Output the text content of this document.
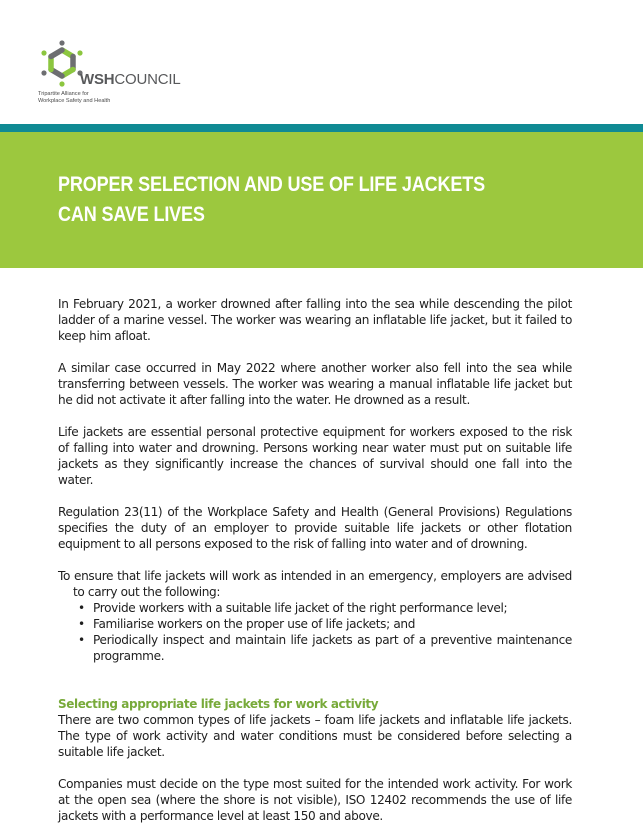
WSHCOUNCIL
Tripartite Alliance for
Workplace Safety and Health
PROPER SELECTION AND USE OF LIFE JACKETS
CAN SAVE LIVES

In February 2021, a worker drowned after falling into the sea while descending the pilot ladder of a marine vessel. The worker was wearing an inflatable life jacket, but it failed to keep him afloat.

A similar case occurred in May 2022 where another worker also fell into the sea while transferring between vessels. The worker was wearing a manual inflatable life jacket but he did not activate it after falling into the water. He drowned as a result.

Life jackets are essential personal protective equipment for workers exposed to the risk of falling into water and drowning. Persons working near water must put on suitable life jackets as they significantly increase the chances of survival should one fall into the water.

Regulation 23(11) of the Workplace Safety and Health (General Provisions) Regulations specifies the duty of an employer to provide suitable life jackets or other flotation equipment to all persons exposed to the risk of falling into water and of drowning.

To ensure that life jackets will work as intended in an emergency, employers are advised to carry out the following:

• Provide workers with a suitable life jacket of the right performance level;
• Familiarise workers on the proper use of life jackets; and
• Periodically inspect and maintain life jackets as part of a preventive maintenance programme.
Selecting appropriate life jackets for work activity

There are two common types of life jackets – foam life jackets and inflatable life jackets. The type of work activity and water conditions must be considered before selecting a suitable life jacket.

Companies must decide on the type most suited for the intended work activity. For work at the open sea (where the shore is not visible), ISO 12402 recommends the use of life jackets with a performance level at least 150 and above.
